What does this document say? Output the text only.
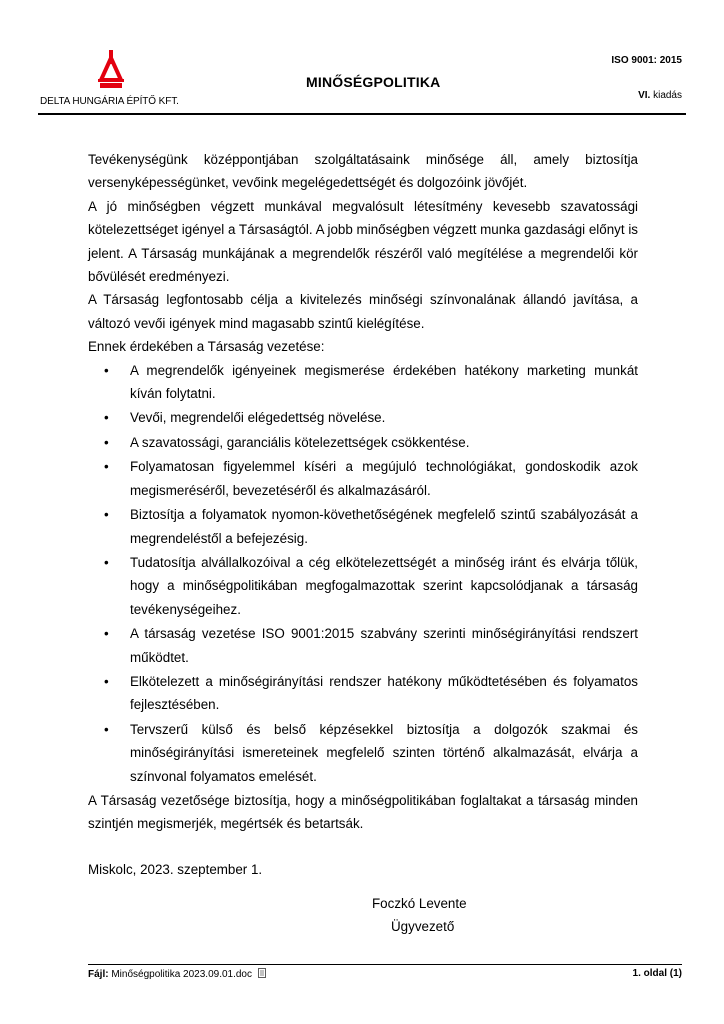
DELTA HUNGÁRIA ÉPÍTŐ KFT.
MINŐSÉGPOLITIKA
ISO 9001: 2015
VI. kiadás

Tevékenységünk középpontjában szolgáltatásaink minősége áll, amely biztosítja versenyképességünket, vevőink megelégedettségét és dolgozóink jövőjét.

A jó minőségben végzett munkával megvalósult létesítmény kevesebb szavatossági kötelezettséget igényel a Társaságtól. A jobb minőségben végzett munka gazdasági előnyt is jelent. A Társaság munkájának a megrendelők részéről való megítélése a megrendelői kör bővülését eredményezi.

A Társaság legfontosabb célja a kivitelezés minőségi színvonalának állandó javítása, a változó vevői igények mind magasabb szintű kielégítése.

Ennek érdekében a Társaság vezetése:

• A megrendelők igényeinek megismerése érdekében hatékony marketing munkát kíván folytatni.
• Vevői, megrendelői elégedettség növelése.
• A szavatossági, garanciális kötelezettségek csökkentése.
• Folyamatosan figyelemmel kíséri a megújuló technológiákat, gondoskodik azok megismeréséről, bevezetéséről és alkalmazásáról.
• Biztosítja a folyamatok nyomon-követhetőségének megfelelő szintű szabályozását a megrendeléstől a befejezésig.
• Tudatosítja alvállalkozóival a cég elkötelezettségét a minőség iránt és elvárja tőlük, hogy a minőségpolitikában megfogalmazottak szerint kapcsolódjanak a társaság tevékenységeihez.
• A társaság vezetése ISO 9001:2015 szabvány szerinti minőségirányítási rendszert működtet.
• Elkötelezett a minőségirányítási rendszer hatékony működtetésében és folyamatos fejlesztésében.
• Tervszerű külső és belső képzésekkel biztosítja a dolgozók szakmai és minőségirányítási ismereteinek megfelelő szinten történő alkalmazását, elvárja a színvonal folyamatos emelését.

A Társaság vezetősége biztosítja, hogy a minőségpolitikában foglaltakat a társaság minden szintjén megismerjék, megértsék és betartsák.

Miskolc, 2023. szeptember 1.

Foczkó Levente
Ügyvezető
Fájl: Minőségpolitika 2023.09.01.doc	1. oldal (1)
